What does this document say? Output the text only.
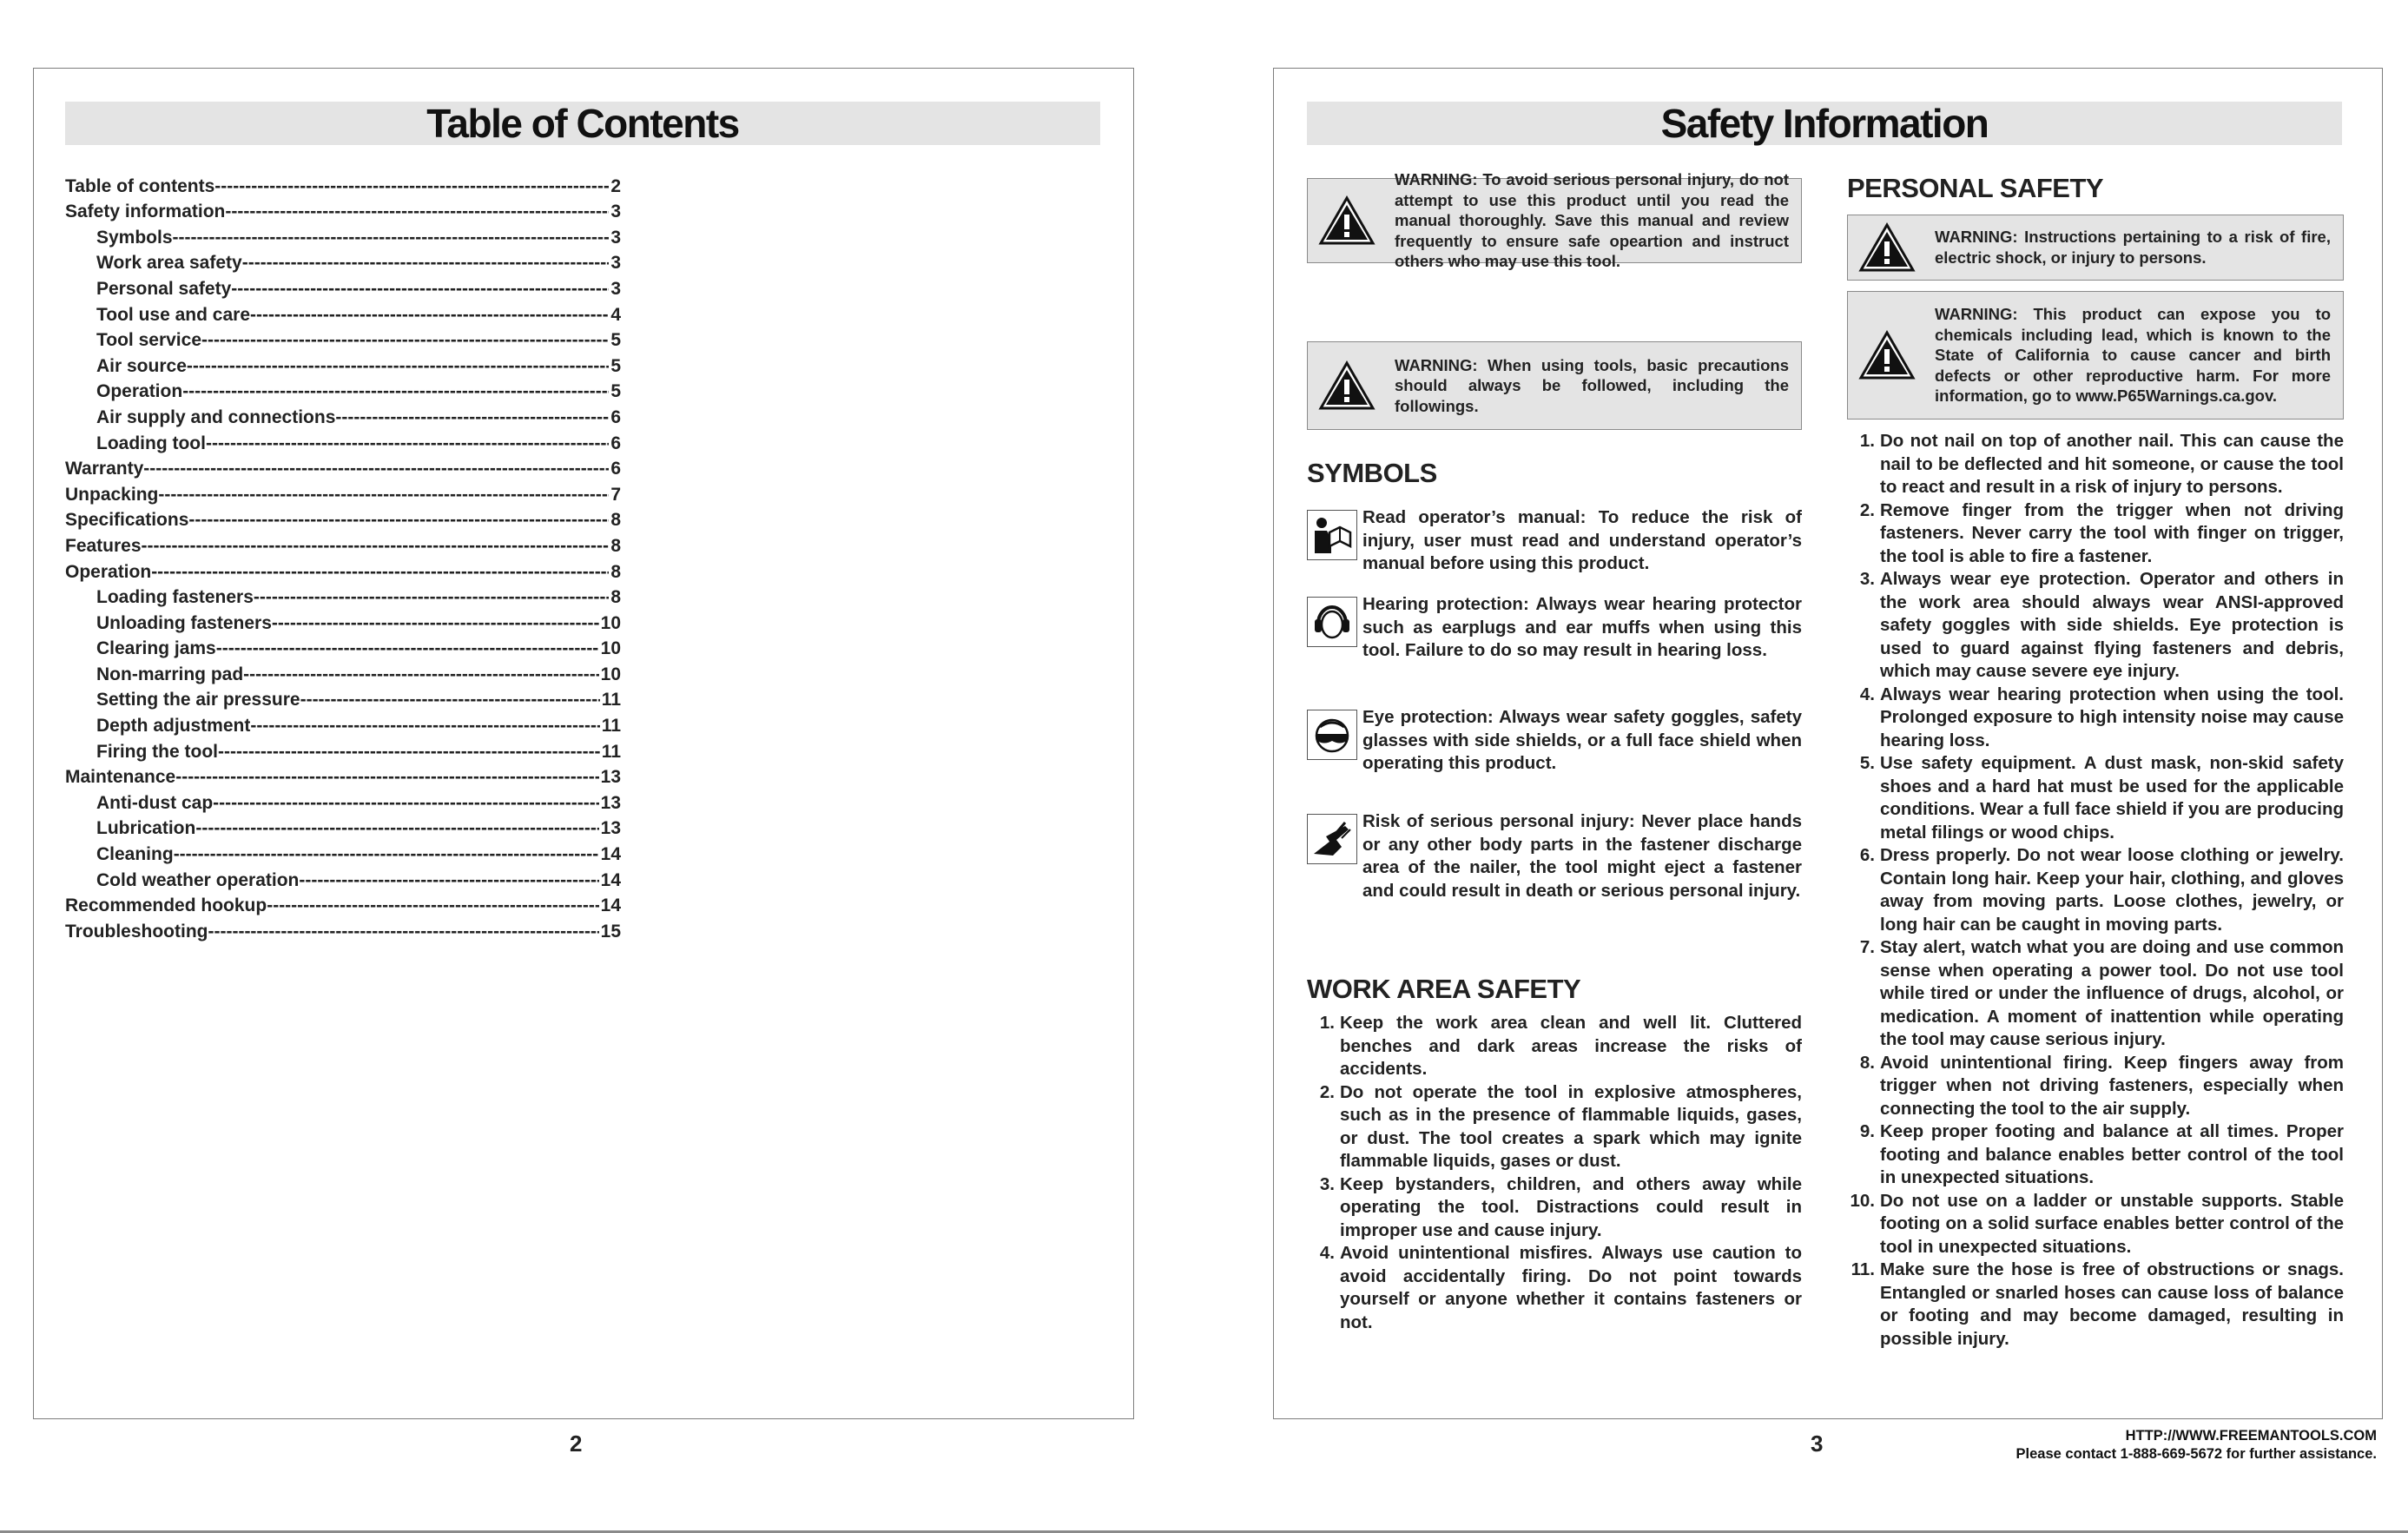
Table of Contents
Table of contents -----	2
Safety information -----	3
Symbols -----	3
Work area safety -----	3
Personal safety -----	3
Tool use and care -----	4
Tool service -----	5
Air source -----	5
Operation -----	5
Air supply and connections -----	6
Loading tool -----	6
Warranty -----	6
Unpacking -----	7
Specifications -----	8
Features -----	8
Operation -----	8
Loading fasteners -----	8
Unloading fasteners -----	10
Clearing jams -----	10
Non-marring pad -----	10
Setting the air pressure -----	11
Depth adjustment -----	11
Firing the tool -----	11
Maintenance -----	13
Anti-dust cap -----	13
Lubrication -----	13
Cleaning -----	14
Cold weather operation -----	14
Recommended hookup -----	14
Troubleshooting -----	15
2
Safety Information
WARNING: To avoid serious personal injury, do not attempt to use this product until you read the manual thoroughly. Save this manual and review frequently to ensure safe opeartion and instruct others who may use this tool.
WARNING: When using tools, basic precautions should always be followed, including the followings.
SYMBOLS
Read operator’s manual: To reduce the risk of injury, user must read and understand operator’s manual before using this product.
Hearing protection: Always wear hearing protector such as earplugs and ear muffs when using this tool. Failure to do so may result in hearing loss.
Eye protection: Always wear safety goggles, safety glasses with side shields, or a full face shield when operating this product.
Risk of serious personal injury: Never place hands or any other body parts in the fastener discharge area of the nailer, the tool might eject a fastener and could result in death or serious personal injury.
WORK AREA SAFETY
1. Keep the work area clean and well lit. Cluttered benches and dark areas increase the risks of accidents.
2. Do not operate the tool in explosive atmospheres, such as in the presence of flammable liquids, gases, or dust. The tool creates a spark which may ignite flammable liquids, gases or dust.
3. Keep bystanders, children, and others away while operating the tool. Distractions could result in improper use and cause injury.
4. Avoid unintentional misfires. Always use caution to avoid accidentally firing. Do not point towards yourself or anyone whether it contains fasteners or not.
PERSONAL SAFETY
WARNING: Instructions pertaining to a risk of fire, electric shock, or injury to persons.
WARNING: This product can expose you to chemicals including lead, which is known to the State of California to cause cancer and birth defects or other reproductive harm. For more information, go to www.P65Warnings.ca.gov.
1. Do not nail on top of another nail. This can cause the nail to be deflected and hit someone, or cause the tool to react and result in a risk of injury to persons.
2. Remove finger from the trigger when not driving fasteners. Never carry the tool with finger on trigger, the tool is able to fire a fastener.
3. Always wear eye protection. Operator and others in the work area should always wear ANSI-approved safety goggles with side shields. Eye protection is used to guard against flying fasteners and debris, which may cause severe eye injury.
4. Always wear hearing protection when using the tool. Prolonged exposure to high intensity noise may cause hearing loss.
5. Use safety equipment. A dust mask, non-skid safety shoes and a hard hat must be used for the applicable conditions. Wear a full face shield if you are producing metal filings or wood chips.
6. Dress properly. Do not wear loose clothing or jewelry. Contain long hair. Keep your hair, clothing, and gloves away from moving parts. Loose clothes, jewelry, or long hair can be caught in moving parts.
7. Stay alert, watch what you are doing and use common sense when operating a power tool. Do not use tool while tired or under the influence of drugs, alcohol, or medication. A moment of inattention while operating the tool may cause serious injury.
8. Avoid unintentional firing. Keep fingers away from trigger when not driving fasteners, especially when connecting the tool to the air supply.
9. Keep proper footing and balance at all times. Proper footing and balance enables better control of the tool in unexpected situations.
10. Do not use on a ladder or unstable supports. Stable footing on a solid surface enables better control of the tool in unexpected situations.
11. Make sure the hose is free of obstructions or snags. Entangled or snarled hoses can cause loss of balance or footing and may become damaged, resulting in possible injury.
3	HTTP://WWW.FREEMANTOOLS.COM
Please contact 1-888-669-5672 for further assistance.
